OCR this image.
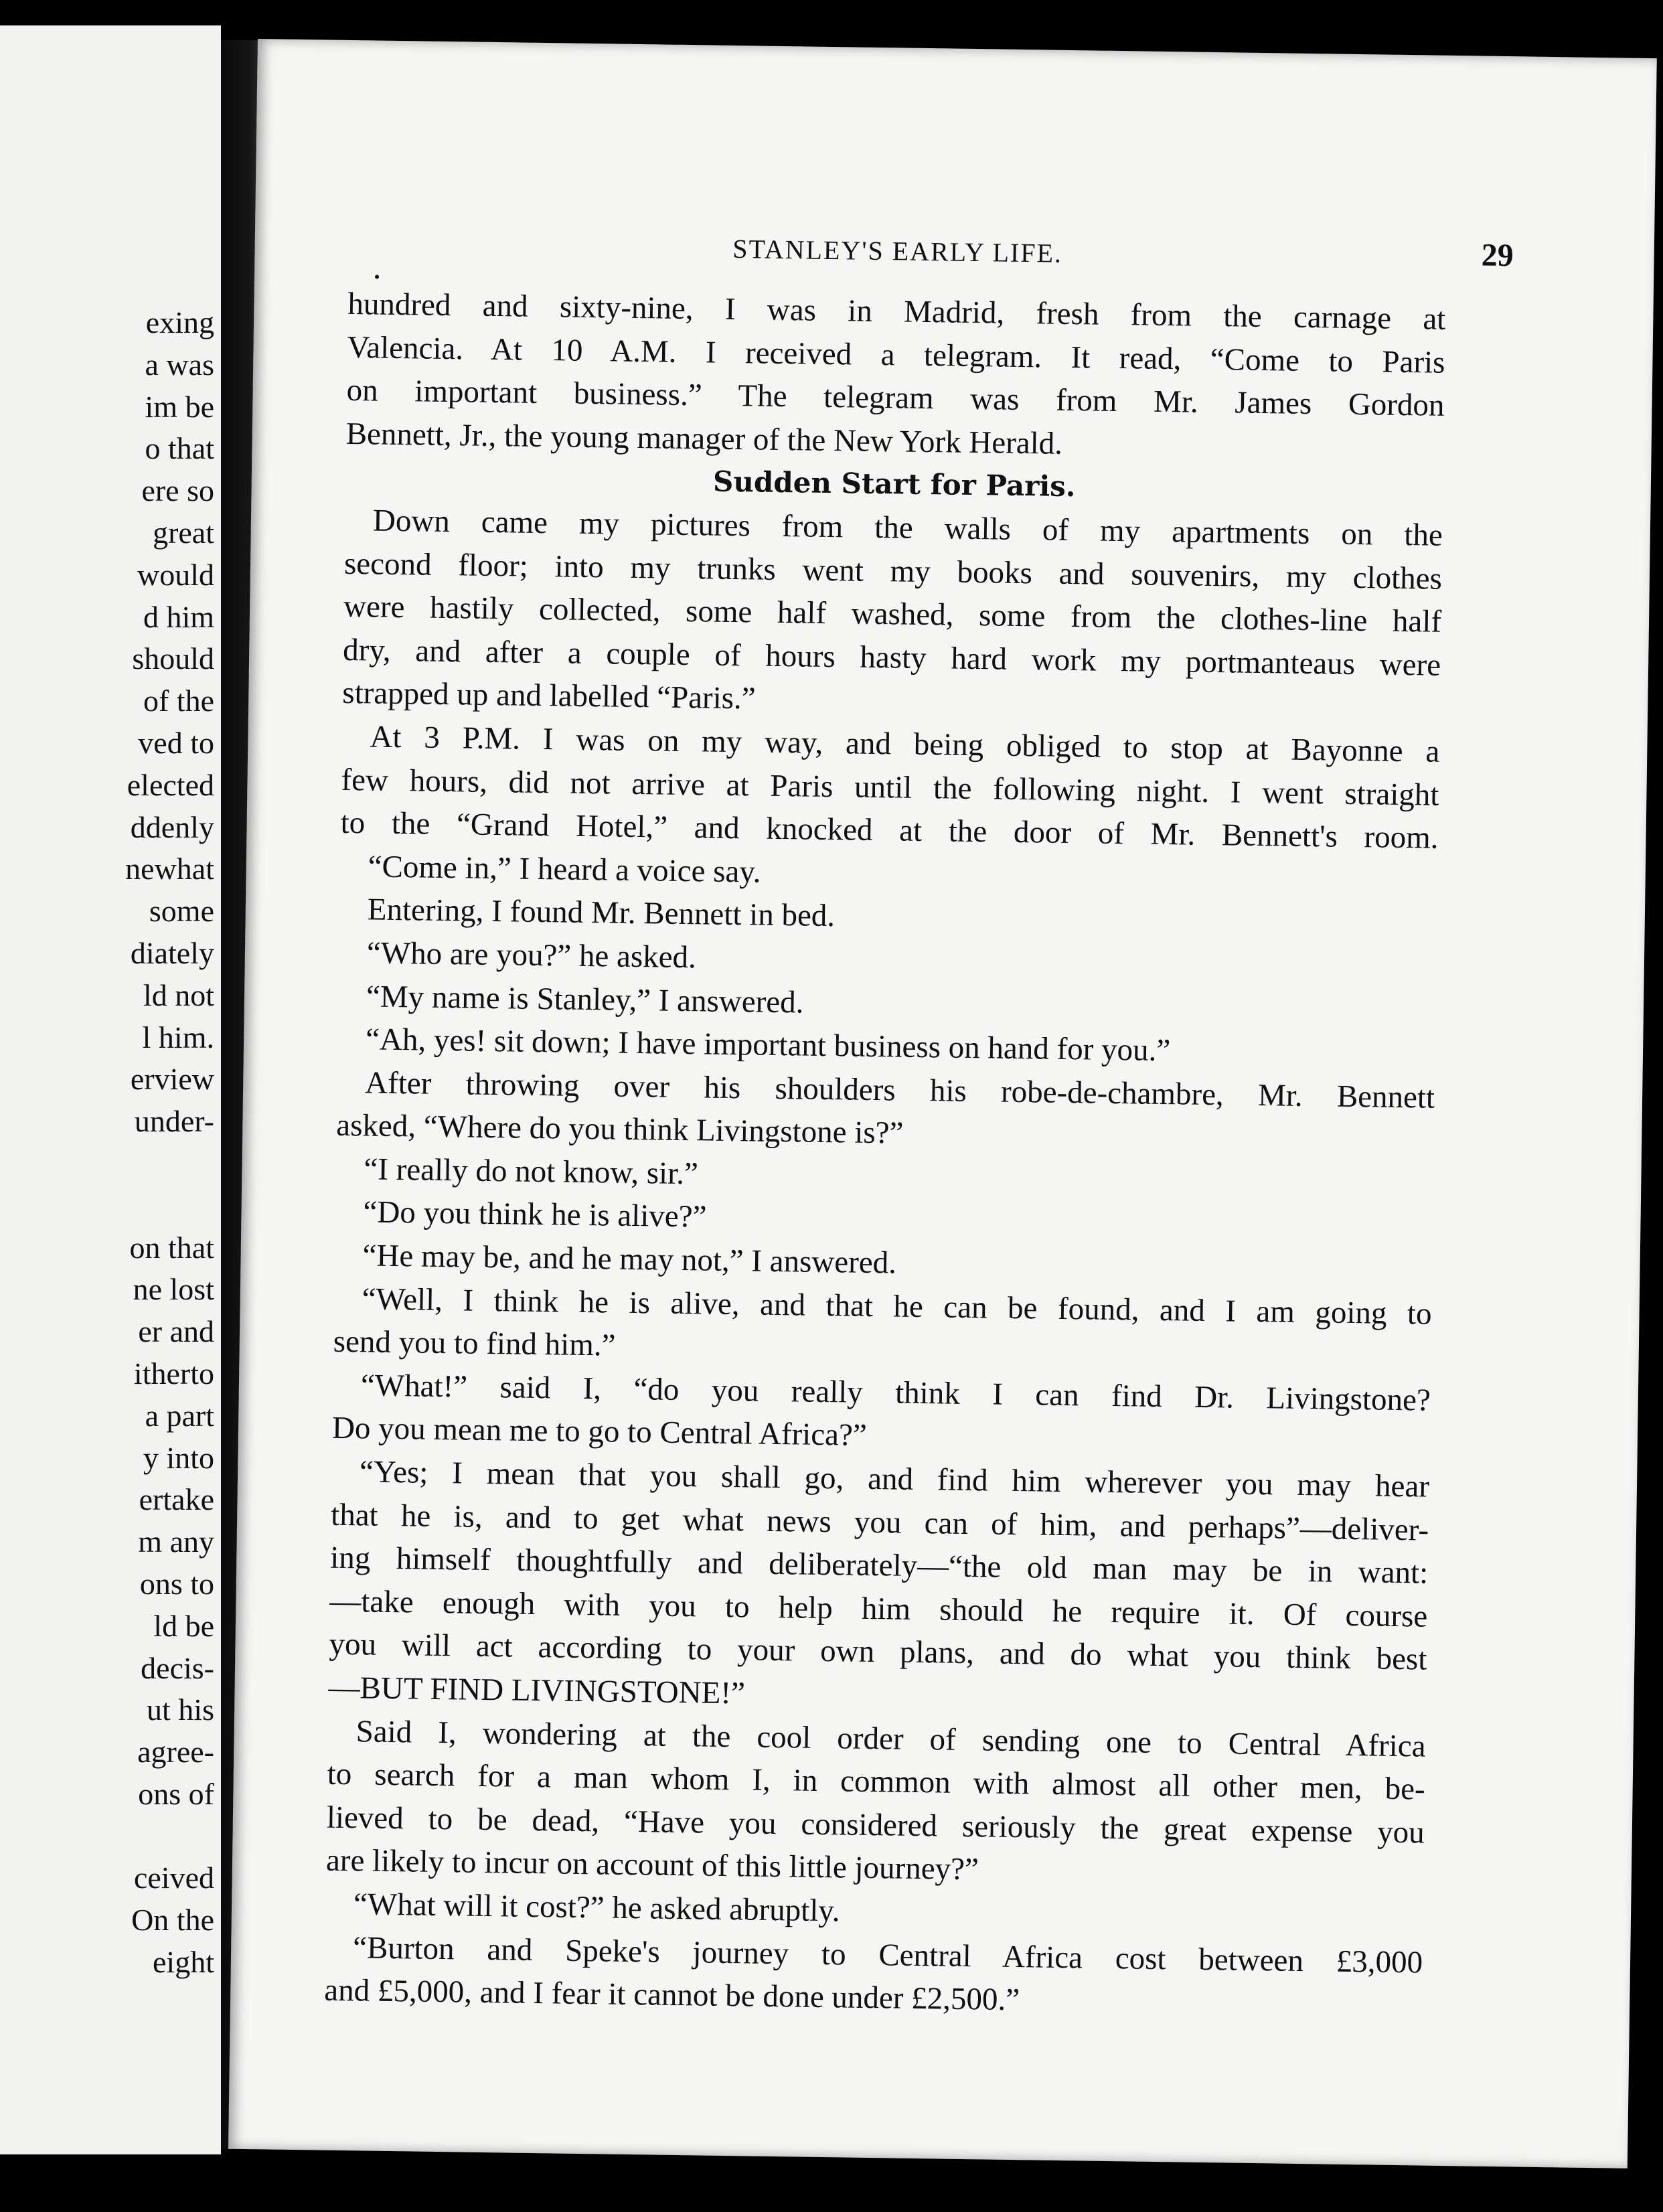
exing
a was
im be
o that
ere so
great
would
d him
should
of the
ved to
elected
ddenly
newhat
some
diately
ld not
l him.
erview
under-
on that
ne lost
er and
itherto
a part
y into
ertake
m any
ons to
ld be
decis-
ut his
agree-
ons of
ceived
On the
eight
STANLEY'S EARLY LIFE.	29
hundred and sixty-nine, I was in Madrid, fresh from the carnage at
Valencia. At 10 A.M. I received a telegram. It read, “Come to Paris
on important business.” The telegram was from Mr. James Gordon
Bennett, Jr., the young manager of the New York Herald.
Sudden Start for Paris.
Down came my pictures from the walls of my apartments on the
second floor; into my trunks went my books and souvenirs, my clothes
were hastily collected, some half washed, some from the clothes-line half
dry, and after a couple of hours hasty hard work my portmanteaus were
strapped up and labelled “Paris.”
At 3 P.M. I was on my way, and being obliged to stop at Bayonne a
few hours, did not arrive at Paris until the following night. I went straight
to the “Grand Hotel,” and knocked at the door of Mr. Bennett's room.
“Come in,” I heard a voice say.
Entering, I found Mr. Bennett in bed.
“Who are you?” he asked.
“My name is Stanley,” I answered.
“Ah, yes! sit down; I have important business on hand for you.”
After throwing over his shoulders his robe-de-chambre, Mr. Bennett
asked, “Where do you think Livingstone is?”
“I really do not know, sir.”
“Do you think he is alive?”
“He may be, and he may not,” I answered.
“Well, I think he is alive, and that he can be found, and I am going to
send you to find him.”
“What!” said I, “do you really think I can find Dr. Livingstone?
Do you mean me to go to Central Africa?”
“Yes; I mean that you shall go, and find him wherever you may hear
that he is, and to get what news you can of him, and perhaps”—deliver-
ing himself thoughtfully and deliberately—“the old man may be in want:
—take enough with you to help him should he require it. Of course
you will act according to your own plans, and do what you think best
—BUT FIND LIVINGSTONE!”
Said I, wondering at the cool order of sending one to Central Africa
to search for a man whom I, in common with almost all other men, be-
lieved to be dead, “Have you considered seriously the great expense you
are likely to incur on account of this little journey?”
“What will it cost?” he asked abruptly.
“Burton and Speke's journey to Central Africa cost between £3,000
and £5,000, and I fear it cannot be done under £2,500.”
